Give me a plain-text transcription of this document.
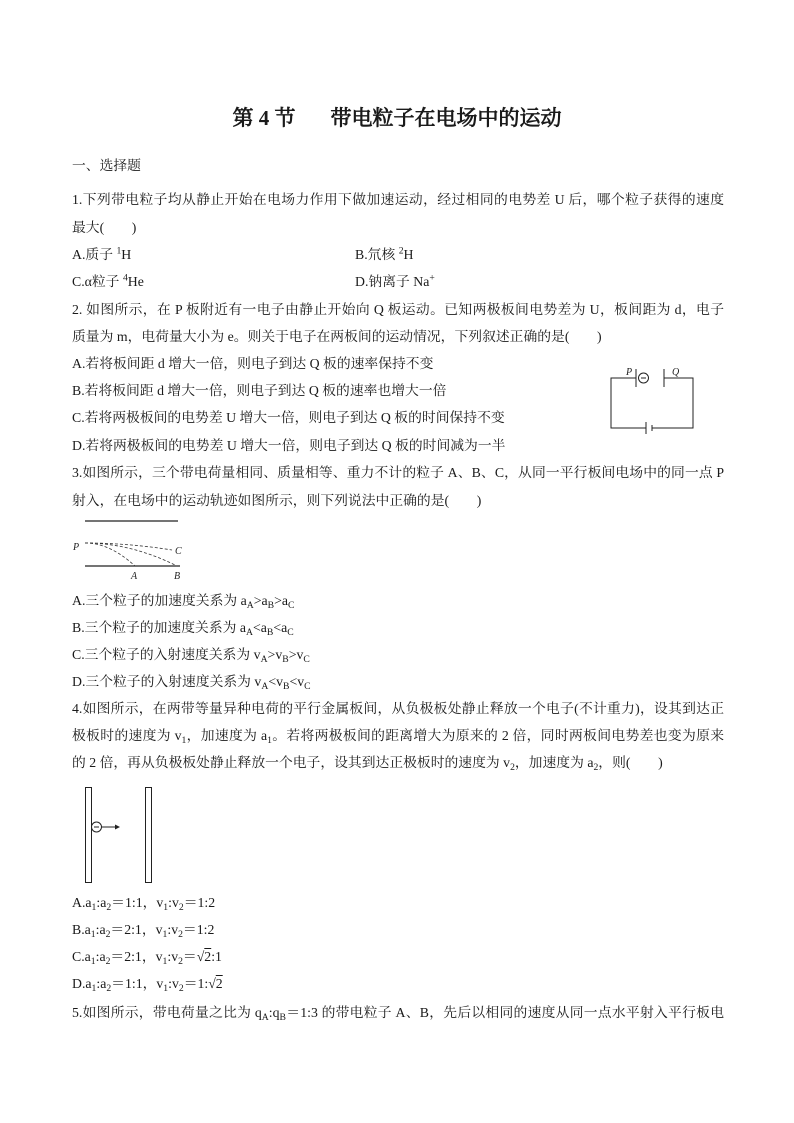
第 4 节 带电粒子在电场中的运动
一、选择题
1.下列带电粒子均从静止开始在电场力作用下做加速运动，经过相同的电势差 U 后，哪个粒子获得的速度
最大(　　)
A.质子 $^1$H	B.氘核 $^2$H
C.α粒子 $^4$He	D.钠离子 Na+
2. 如图所示，在 P 板附近有一电子由静止开始向 Q 板运动。已知两极板间电势差为 U，板间距为 d，电子
质量为 m，电荷量大小为 e。则关于电子在两板间的运动情况，下列叙述正确的是(　　)
A.若将板间距 d 增大一倍，则电子到达 Q 板的速率保持不变
B.若将板间距 d 增大一倍，则电子到达 Q 板的速率也增大一倍
C.若将两极板间的电势差 U 增大一倍，则电子到达 Q 板的时间保持不变
D.若将两极板间的电势差 U 增大一倍，则电子到达 Q 板的时间减为一半
P	Q
3.如图所示，三个带电荷量相同、质量相等、重力不计的粒子 A、B、C，从同一平行板间电场中的同一点 P
射入，在电场中的运动轨迹如图所示，则下列说法中正确的是(　　)
P
A	B
C
A.三个粒子的加速度关系为 $a_A>a_B>a_C$
B.三个粒子的加速度关系为 $a_A<a_B<a_C$
C.三个粒子的入射速度关系为 $v_A>v_B>v_C$
D.三个粒子的入射速度关系为 $v_A<v_B<v_C$
4.如图所示，在两带等量异种电荷的平行金属板间，从负极板处静止释放一个电子(不计重力)，设其到达正
极板时的速度为 $v_1$，加速度为 $a_1$。若将两极板间的距离增大为原来的 2 倍，同时两板间电势差也变为原来
的 2 倍，再从负极板处静止释放一个电子，设其到达正极板时的速度为 $v_2$，加速度为 $a_2$，则(　　)
$A.a_1:a_2=1:1$，$v_1:v_2=1:2$
$B.a_1:a_2=2:1$，$v_1:v_2=1:2$
$C.a_1:a_2=2:1$，$v_1:v_2=√2:1$
$D.a_1:a_2=1:1$，$v_1:v_2=1:√2$
5.如图所示，带电荷量之比为 $q_A:q_B=1:3$ 的带电粒子 A、B，先后以相同的速度从同一点水平射入平行板电
